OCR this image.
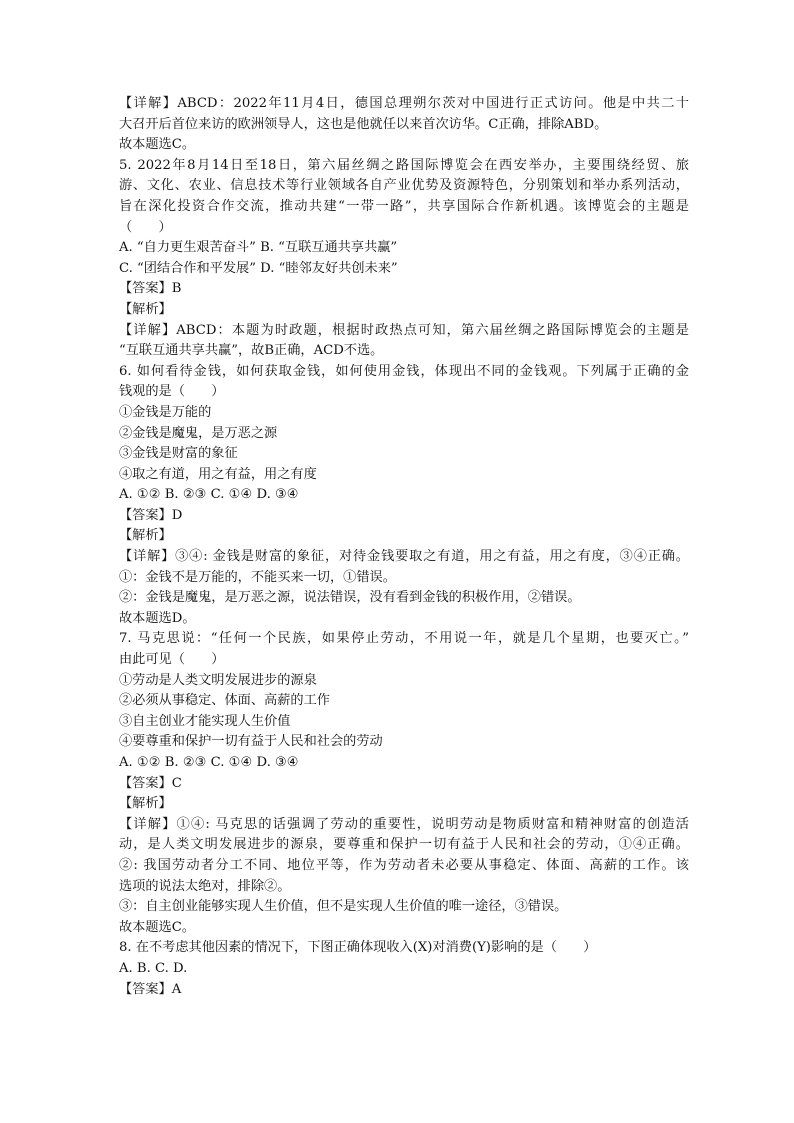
【详解】ABCD：2022年11月4日，德国总理朔尔茨对中国进行正式访问。他是中共二十
大召开后首位来访的欧洲领导人，这也是他就任以来首次访华。C正确，排除ABD。
故本题选C。
5. 2022年8月14日至18日，第六届丝绸之路国际博览会在西安举办，主要围绕经贸、旅
游、文化、农业、信息技术等行业领域各自产业优势及资源特色，分别策划和举办系列活动，
旨在深化投资合作交流，推动共建“一带一路”，共享国际合作新机遇。该博览会的主题是
（　　）
A. “自力更生艰苦奋斗” B. “互联互通共享共赢”
C. “团结合作和平发展” D. “睦邻友好共创未来”
【答案】B
【解析】
【详解】ABCD：本题为时政题，根据时政热点可知，第六届丝绸之路国际博览会的主题是
“互联互通共享共赢”，故B正确，ACD不选。
6. 如何看待金钱，如何获取金钱，如何使用金钱，体现出不同的金钱观。下列属于正确的金
钱观的是（　　）
①金钱是万能的
②金钱是魔鬼，是万恶之源
③金钱是财富的象征
④取之有道，用之有益，用之有度
A. ①② B. ②③ C. ①④ D. ③④
【答案】D
【解析】
【详解】③④: 金钱是财富的象征，对待金钱要取之有道，用之有益，用之有度，③④正确。
①：金钱不是万能的，不能买来一切，①错误。
②：金钱是魔鬼，是万恶之源，说法错误，没有看到金钱的积极作用，②错误。
故本题选D。
7. 马克思说：“任何一个民族，如果停止劳动，不用说一年，就是几个星期，也要灭亡。”
由此可见（　　）
①劳动是人类文明发展进步的源泉
②必须从事稳定、体面、高薪的工作
③自主创业才能实现人生价值
④要尊重和保护一切有益于人民和社会的劳动
A. ①② B. ②③ C. ①④ D. ③④
【答案】C
【解析】
【详解】①④: 马克思的话强调了劳动的重要性，说明劳动是物质财富和精神财富的创造活
动，是人类文明发展进步的源泉，要尊重和保护一切有益于人民和社会的劳动，①④正确。
②: 我国劳动者分工不同、地位平等，作为劳动者未必要从事稳定、体面、高薪的工作。该
选项的说法太绝对，排除②。
③：自主创业能够实现人生价值，但不是实现人生价值的唯一途径，③错误。
故本题选C。
8. 在不考虑其他因素的情况下，下图正确体现收入(X)对消费(Y)影响的是（　　）
A. B. C. D.
【答案】A
